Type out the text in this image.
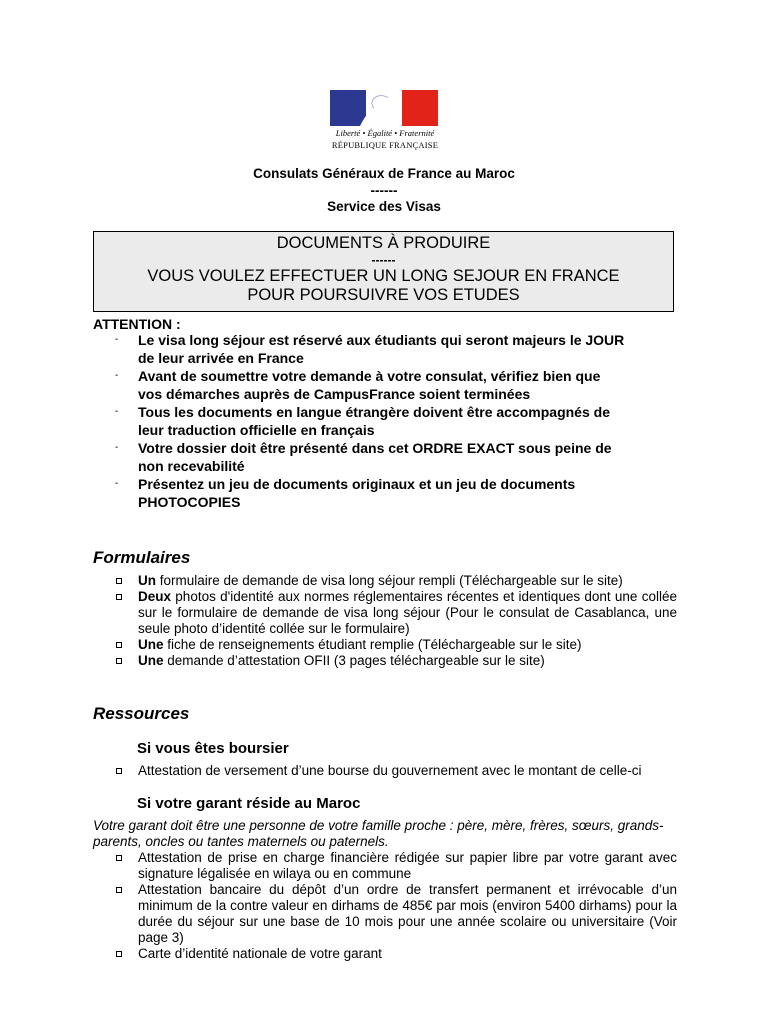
Liberté • Égalité • Fraternité
RÉPUBLIQUE FRANÇAISE
Consulats Généraux de France au Maroc
------
Service des Visas
DOCUMENTS À PRODUIRE
------
VOUS VOULEZ EFFECTUER UN LONG SEJOUR EN FRANCE
POUR POURSUIVRE VOS ETUDES
ATTENTION :
- Le visa long séjour est réservé aux étudiants qui seront majeurs le JOUR
de leur arrivée en France
- Avant de soumettre votre demande à votre consulat, vérifiez bien que
vos démarches auprès de CampusFrance soient terminées
- Tous les documents en langue étrangère doivent être accompagnés de
leur traduction officielle en français
- Votre dossier doit être présenté dans cet ORDRE EXACT sous peine de
non recevabilité
- Présentez un jeu de documents originaux et un jeu de documents
PHOTOCOPIES
Formulaires
Un formulaire de demande de visa long séjour rempli (Téléchargeable sur le site)
Deux photos d'identité aux normes réglementaires récentes et identiques dont une collée sur le formulaire de demande de visa long séjour (Pour le consulat de Casablanca, une seule photo d’identité collée sur le formulaire)
Une fiche de renseignements étudiant remplie (Téléchargeable sur le site)
Une demande d’attestation OFII (3 pages téléchargeable sur le site)
Ressources
Si vous êtes boursier
Attestation de versement d’une bourse du gouvernement avec le montant de celle-ci
Si votre garant réside au Maroc
Votre garant doit être une personne de votre famille proche : père, mère, frères, sœurs, grands-parents, oncles ou tantes maternels ou paternels.
Attestation de prise en charge financière rédigée sur papier libre par votre garant avec signature légalisée en wilaya ou en commune
Attestation bancaire du dépôt d’un ordre de transfert permanent et irrévocable d’un minimum de la contre valeur en dirhams de 485€ par mois (environ 5400 dirhams) pour la durée du séjour sur une base de 10 mois pour une année scolaire ou universitaire (Voir page 3)
Carte d’identité nationale de votre garant
